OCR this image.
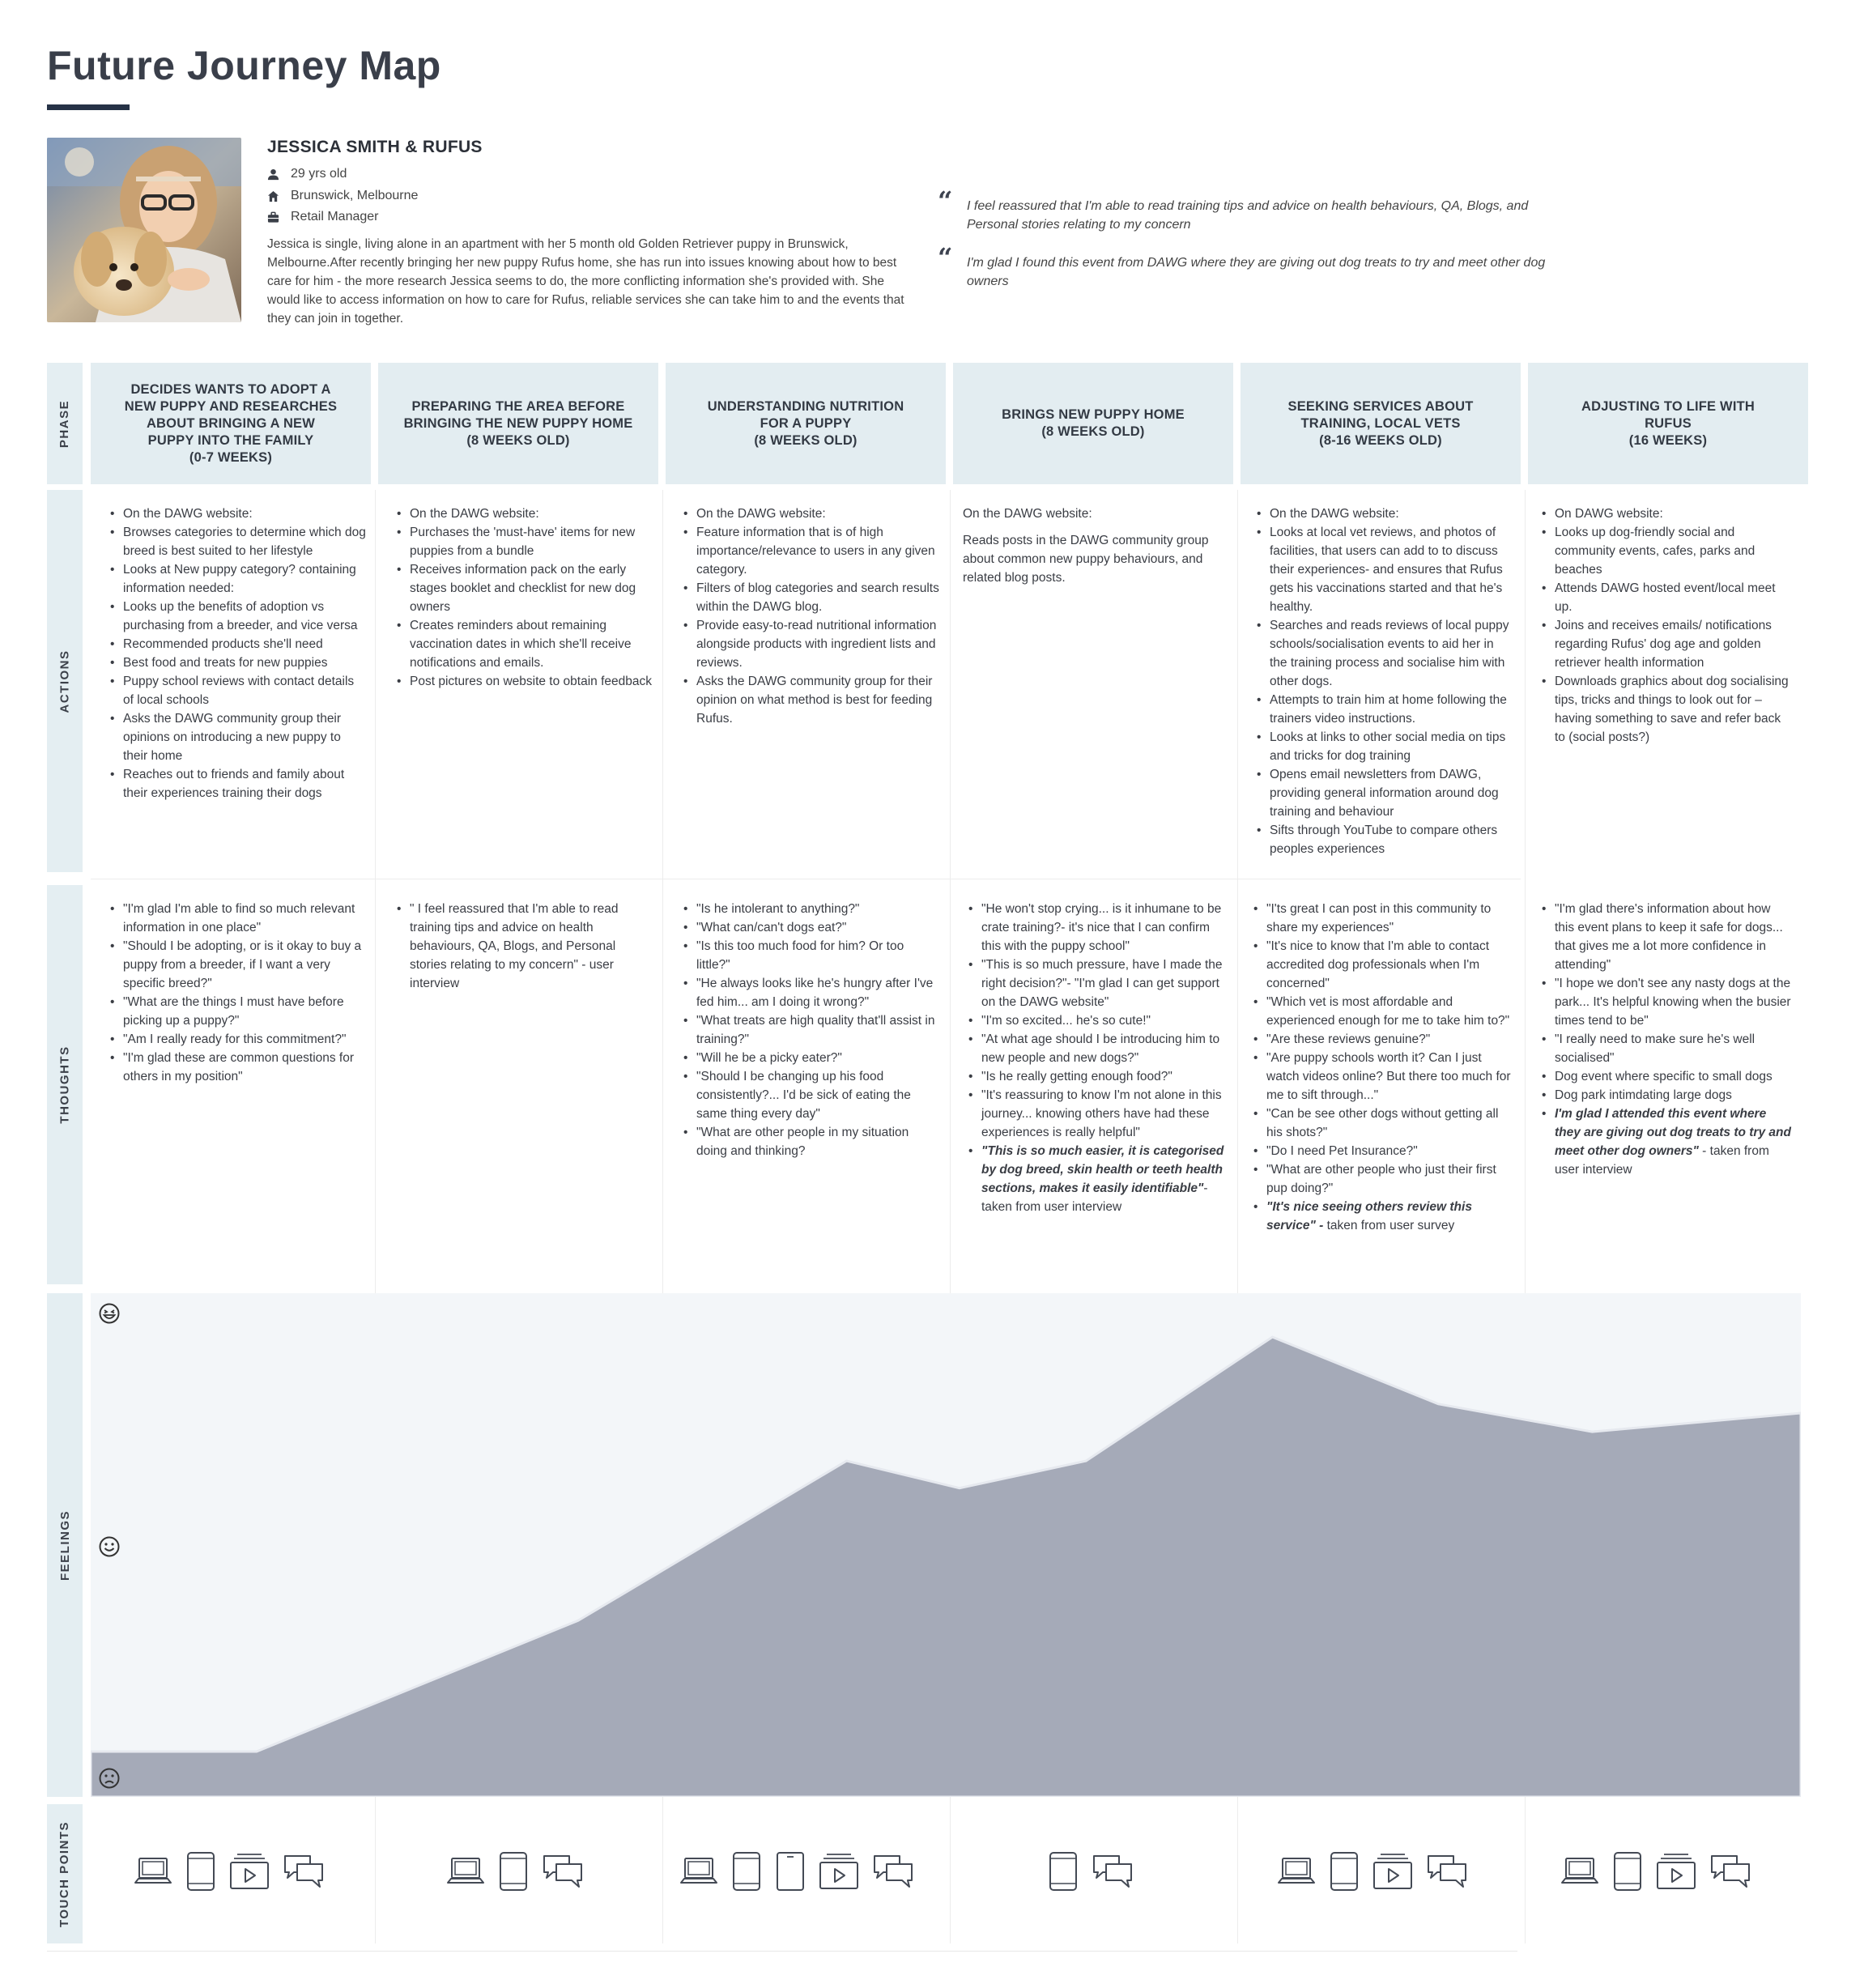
Future Journey Map
JESSICA SMITH & RUFUS
29 yrs old
Brunswick, Melbourne
Retail Manager
Jessica is single, living alone in an apartment with her 5 month old Golden Retriever puppy in Brunswick, Melbourne.After recently bringing her new puppy Rufus home, she has run into issues knowing about how to best care for him - the more research Jessica seems to do, the more conflicting information she's provided with. She would like to access information on how to care for Rufus, reliable services she can take him to and the events that they can join in together.
“	I feel reassured that I'm able to read training tips and advice on health behaviours, QA, Blogs, and Personal stories relating to my concern
“	I'm glad I found this event from DAWG where they are giving out dog treats to try and meet other dog owners
PHASE
ACTIONS
THOUGHTS
FEELINGS
TOUCH POINTS
DECIDES WANTS TO ADOPT A
NEW PUPPY AND RESEARCHES
ABOUT BRINGING A NEW
PUPPY INTO THE FAMILY
(0-7 WEEKS)
PREPARING THE AREA BEFORE
BRINGING THE NEW PUPPY HOME
(8 WEEKS OLD)
UNDERSTANDING NUTRITION
FOR A PUPPY
(8 WEEKS OLD)
BRINGS NEW PUPPY HOME
(8 WEEKS OLD)
SEEKING SERVICES ABOUT
TRAINING, LOCAL VETS
(8-16 WEEKS OLD)
ADJUSTING TO LIFE WITH
RUFUS
(16 WEEKS)
• On the DAWG website:
• Browses categories to determine which dog breed is best suited to her lifestyle
• Looks at New puppy category? containing information needed:
• Looks up the benefits of adoption vs purchasing from a breeder, and vice versa
• Recommended products she'll need
• Best food and treats for new puppies
• Puppy school reviews with contact details of local schools
• Asks the DAWG community group their opinions on introducing a new puppy to their home
• Reaches out to friends and family about their experiences training their dogs
• On the DAWG website:
• Purchases the 'must-have' items for new puppies from a bundle
• Receives information pack on the early stages booklet and checklist for new dog owners
• Creates reminders about remaining vaccination dates in which she'll receive notifications and emails.
• Post pictures on website to obtain feedback
• On the DAWG website:
• Feature information that is of high importance/relevance to users in any given category.
• Filters of blog categories and search results within the DAWG blog.
• Provide easy-to-read nutritional information alongside products with ingredient lists and reviews.
• Asks the DAWG community group for their opinion on what method is best for feeding Rufus.

On the DAWG website:

Reads posts in the DAWG community group about common new puppy behaviours, and related blog posts.

• On the DAWG website:
• Looks at local vet reviews, and photos of facilities, that users can add to to discuss their experiences- and ensures that Rufus gets his vaccinations started and that he's healthy.
• Searches and reads reviews of local puppy schools/socialisation events to aid her in the training process and socialise him with other dogs.
• Attempts to train him at home following the trainers video instructions.
• Looks at links to other social media on tips and tricks for dog training
• Opens email newsletters from DAWG, providing general information around dog training and behaviour
• Sifts through YouTube to compare others peoples experiences
• On DAWG website:
• Looks up dog-friendly social and community events, cafes, parks and beaches
• Attends DAWG hosted event/local meet up.
• Joins and receives emails/ notifications regarding Rufus' dog age and golden retriever health information
• Downloads graphics about dog socialising tips, tricks and things to look out for – having something to save and refer back to (social posts?)
• "I'm glad I'm able to find so much relevant information in one place"
• "Should I be adopting, or is it okay to buy a puppy from a breeder, if I want a very specific breed?"
• "What are the things I must have before picking up a puppy?"
• "Am I really ready for this commitment?"
• "I'm glad these are common questions for others in my position"
• " I feel reassured that I'm able to read training tips and advice on health behaviours, QA, Blogs, and Personal stories relating to my concern" - user interview
• "Is he intolerant to anything?"
• "What can/can't dogs eat?"
• "Is this too much food for him? Or too little?"
• "He always looks like he's hungry after I've fed him... am I doing it wrong?"
• "What treats are high quality that'll assist in training?"
• "Will he be a picky eater?"
• "Should I be changing up his food consistently?... I'd be sick of eating the same thing every day"
• "What are other people in my situation doing and thinking?
• "He won't stop crying... is it inhumane to be crate training?- it's nice that I can confirm this with the puppy school"
• "This is so much pressure, have I made the right decision?"- "I'm glad I can get support on the DAWG website"
• "I'm so excited... he's so cute!"
• "At what age should I be introducing him to new people and new dogs?"
• "Is he really getting enough food?"
• "It's reassuring to know I'm not alone in this journey... knowing others have had these experiences is really helpful"
• "This is so much easier, it is categorised by dog breed, skin health or teeth health sections, makes it easily identifiable"- taken from user interview
• "I'ts great I can post in this community to share my experiences"
• "It's nice to know that I'm able to contact accredited dog professionals when I'm concerned"
• "Which vet is most affordable and experienced enough for me to take him to?"
• "Are these reviews genuine?"
• "Are puppy schools worth it? Can I just watch videos online? But there too much for me to sift through..."
• "Can be see other dogs without getting all his shots?"
• "Do I need Pet Insurance?"
• "What are other people who just their first pup doing?"
• "It's nice seeing others review this service" - taken from user survey
• "I'm glad there's information about how this event plans to keep it safe for dogs... that gives me a lot more confidence in attending"
• "I hope we don't see any nasty dogs at the park... It's helpful knowing when the busier times tend to be"
• "I really need to make sure he's well socialised"
• Dog event where specific to small dogs
• Dog park intimdating large dogs
• I'm glad I attended this event where they are giving out dog treats to try and meet other dog owners" - taken from user interview
